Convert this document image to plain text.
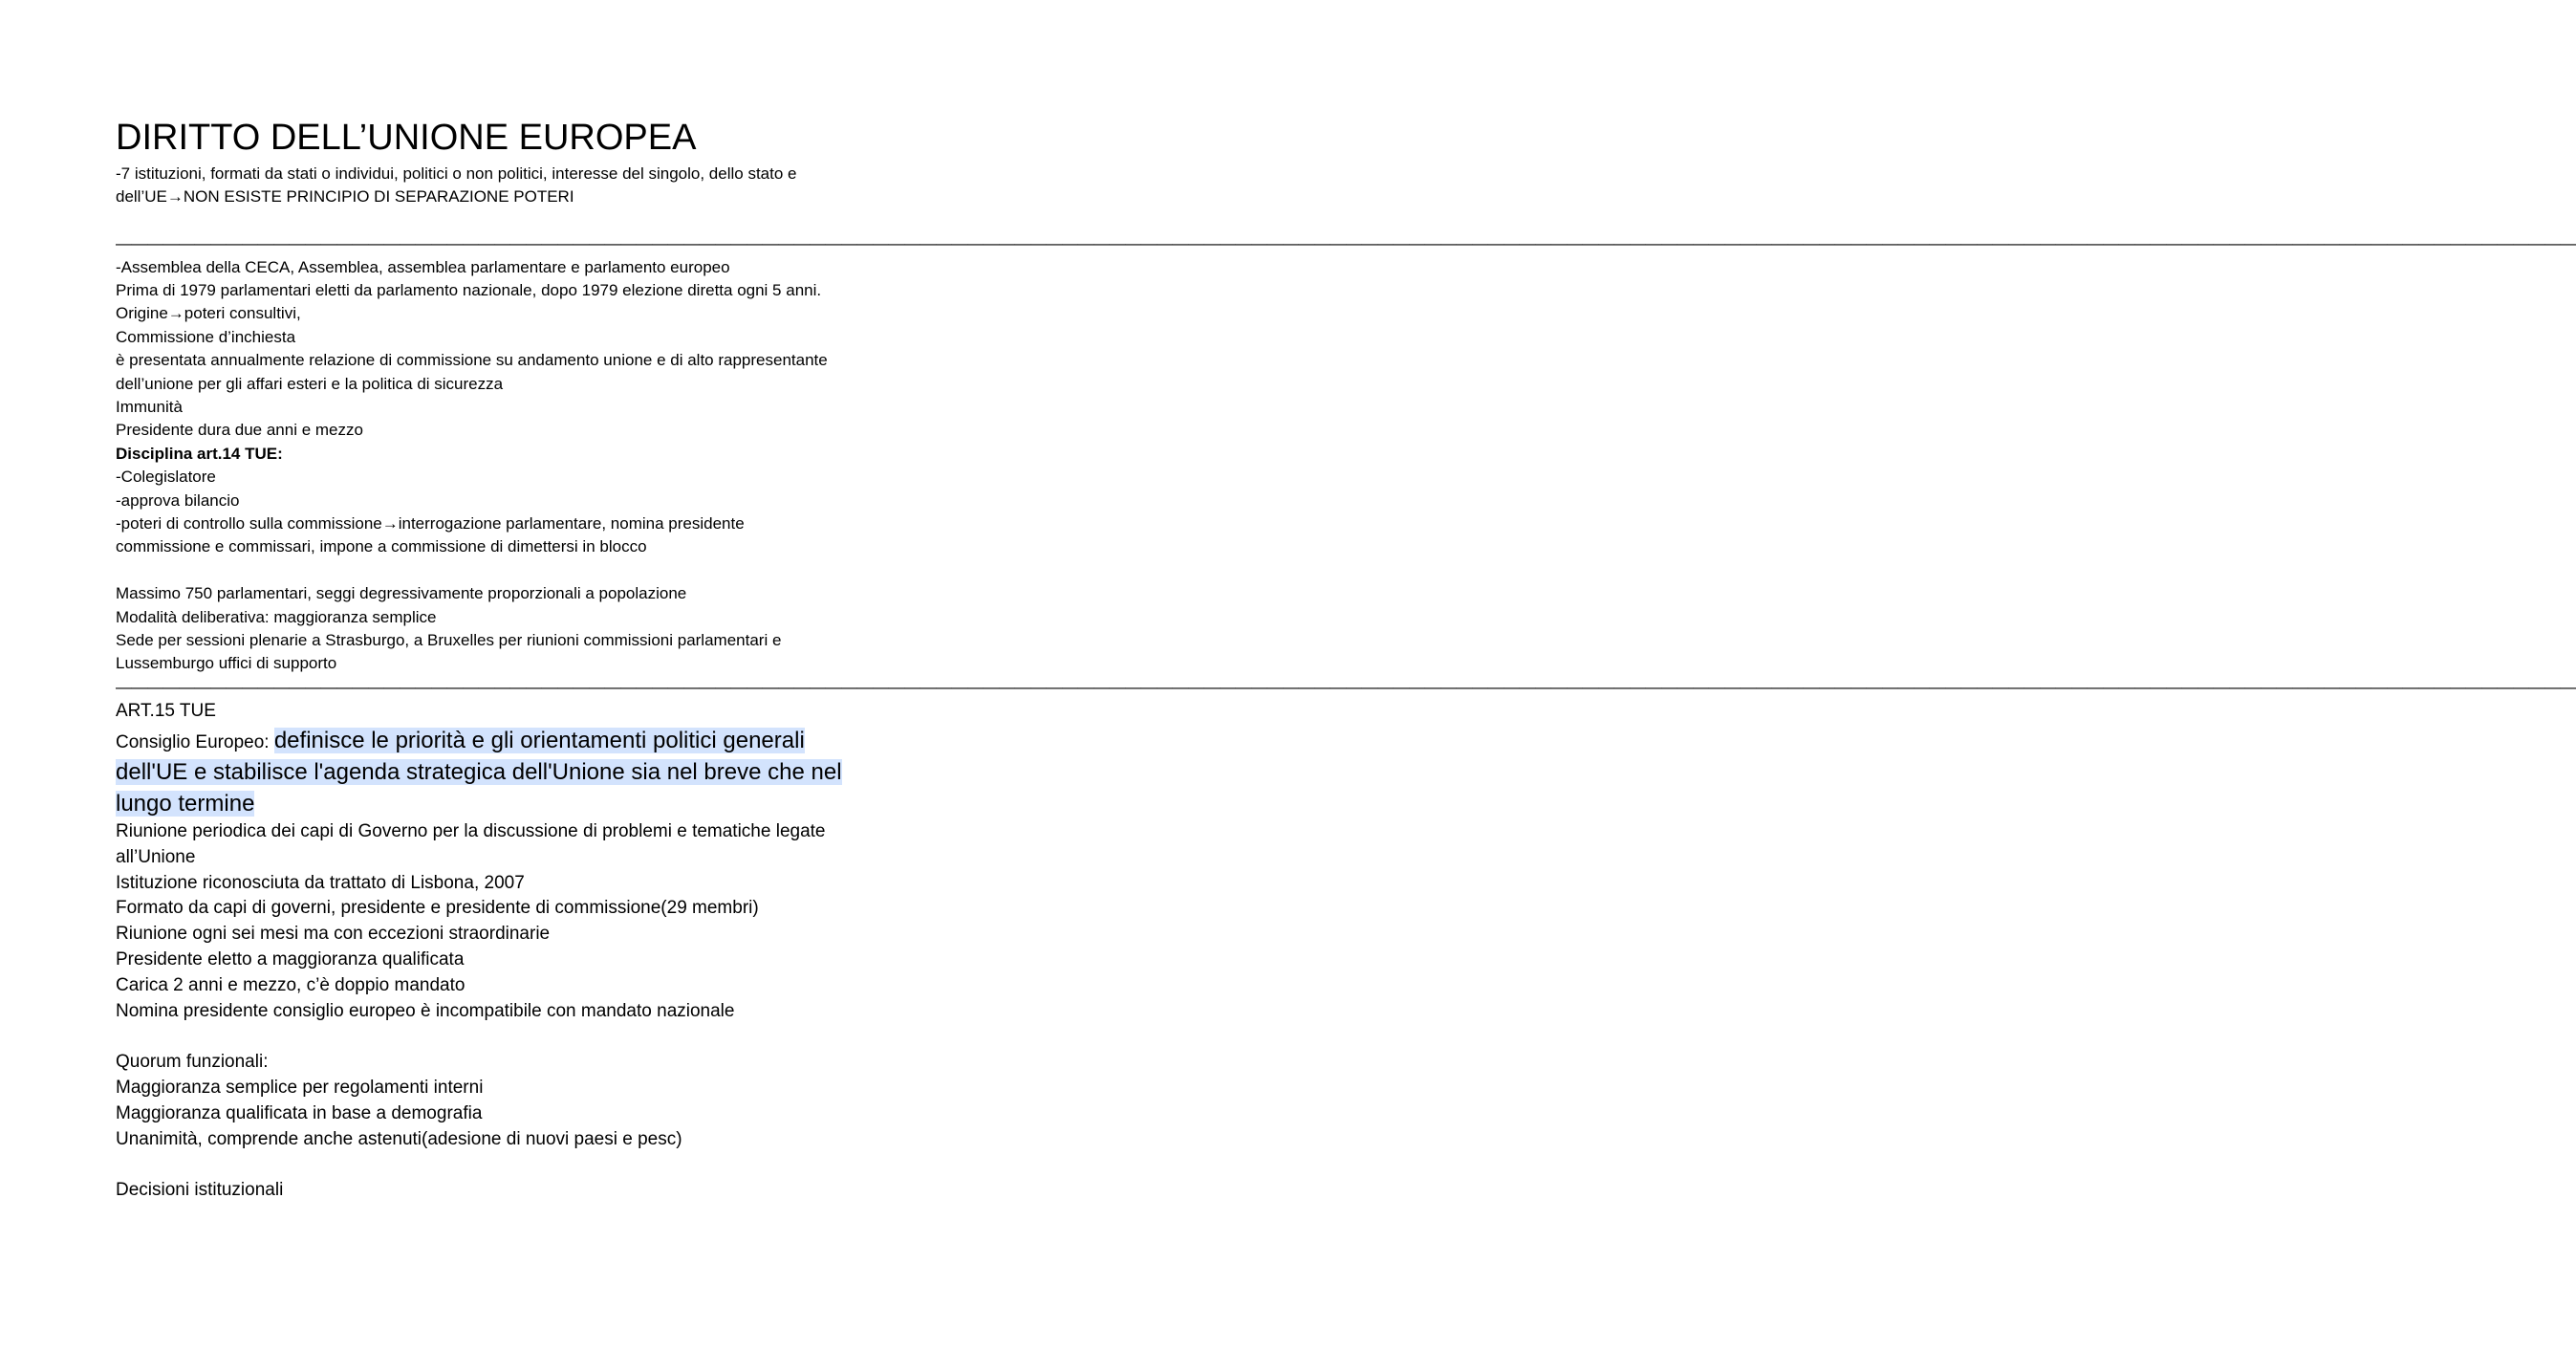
DIRITTO DELL’UNIONE EUROPEA
-7 istituzioni, formati da stati o individui, politici o non politici, interesse del singolo, dello stato e dell’UE→NON ESISTE PRINCIPIO DI SEPARAZIONE POTERI
————————————————————————————————————————————————————————————————————————————————————————————————————————————————————————————————————————————————————————————
-Assemblea della CECA, Assemblea, assemblea parlamentare e parlamento europeo
Prima di 1979 parlamentari eletti da parlamento nazionale, dopo 1979 elezione diretta ogni 5 anni.
Origine→poteri consultivi,
Commissione d’inchiesta
è presentata annualmente relazione di commissione su andamento unione e di alto rappresentante dell’unione per gli affari esteri e la politica di sicurezza
Immunità
Presidente dura due anni e mezzo
Disciplina art.14 TUE:
-Colegislatore
-approva bilancio
-poteri di controllo sulla commissione→interrogazione parlamentare, nomina presidente commissione e commissari, impone a commissione di dimettersi in blocco
Massimo 750 parlamentari, seggi degressivamente proporzionali a popolazione
Modalità deliberativa: maggioranza semplice
Sede per sessioni plenarie a Strasburgo, a Bruxelles per riunioni commissioni parlamentari e Lussemburgo uffici di supporto
————————————————————————————————————————————————————————————————————————————————————————————————————————————————————————————————————————————————————————————
ART.15 TUE
Consiglio Europeo: definisce le priorità e gli orientamenti politici generali dell'UE e stabilisce l'agenda strategica dell'Unione sia nel breve che nel lungo termine
Riunione periodica dei capi di Governo per la discussione di problemi e tematiche legate all’Unione
Istituzione riconosciuta da trattato di Lisbona, 2007
Formato da capi di governi, presidente e presidente di commissione(29 membri)
Riunione ogni sei mesi ma con eccezioni straordinarie
Presidente eletto a maggioranza qualificata
Carica 2 anni e mezzo, c’è doppio mandato
Nomina presidente consiglio europeo è incompatibile con mandato nazionale
Quorum funzionali:
Maggioranza semplice per regolamenti interni
Maggioranza qualificata in base a demografia
Unanimità, comprende anche astenuti(adesione di nuovi paesi e pesc)
Decisioni istituzionali
